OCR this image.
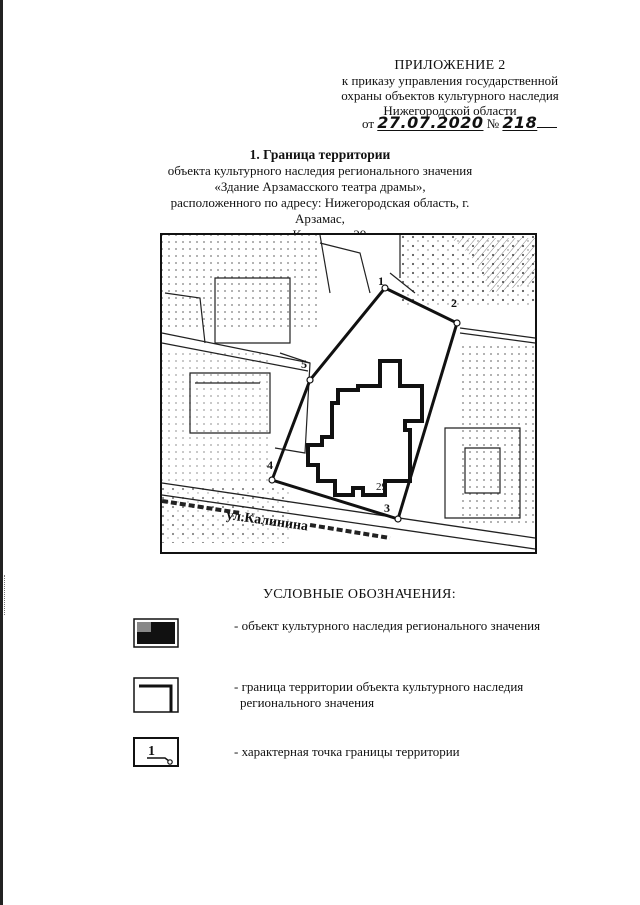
ПРИЛОЖЕНИЕ 2
к приказу управления государственной
охраны объектов культурного наследия
Нижегородской области
от 27.07.2020 № 218
1. Граница территории
объекта культурного наследия регионального значения
«Здание Арзамасского театра драмы»,
расположенного по адресу: Нижегородская область, г. Арзамас,
1
2
3
4
5
29
ул.Калинина
УСЛОВНЫЕ ОБОЗНАЧЕНИЯ:
- объект культурного наследия регионального значения
- граница территории объекта культурного наследия
регионального значения
1	- характерная точка границы территории
